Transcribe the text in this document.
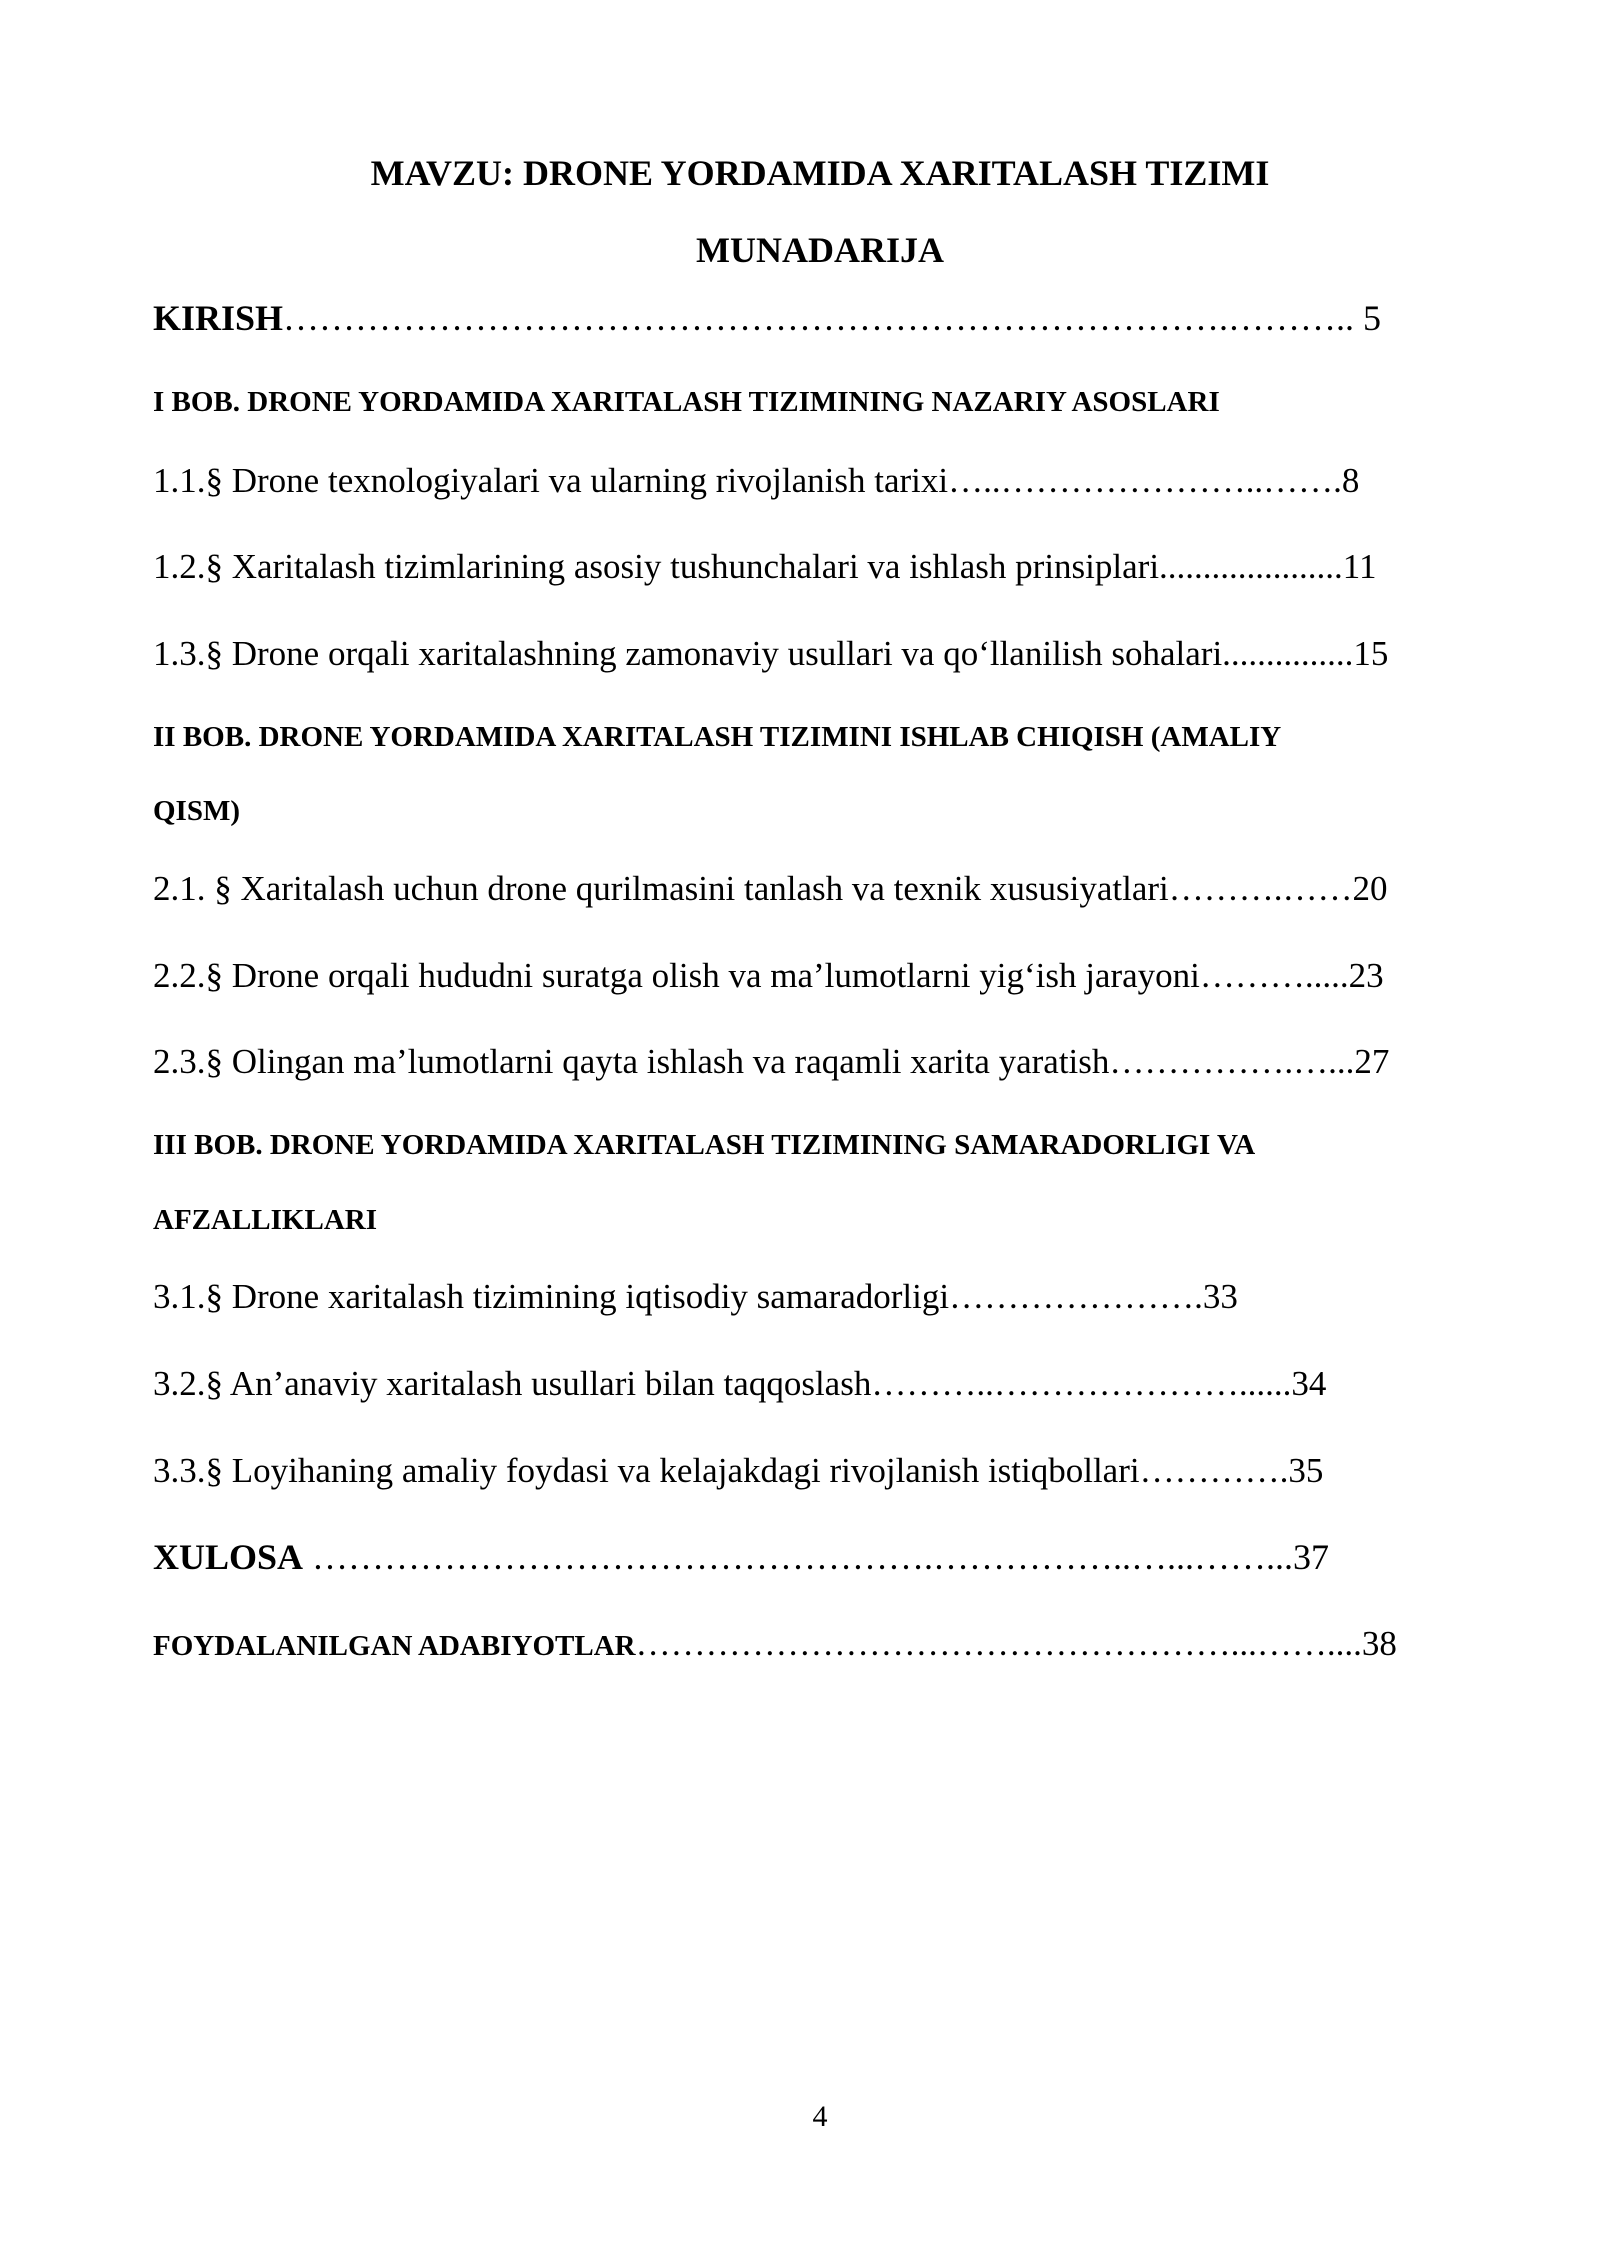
MAVZU: DRONE YORDAMIDA XARITALASH TIZIMI
MUNADARIJA
KIRISH…………………………………………………………………….……….. 5
I BOB. DRONE YORDAMIDA XARITALASH TIZIMINING NAZARIY ASOSLARI
1.1.§ Drone texnologiyalari va ularning rivojlanish tarixi…..…………………..…….8
1.2.§ Xaritalash tizimlarining asosiy tushunchalari va ishlash prinsiplari.....................11
1.3.§ Drone orqali xaritalashning zamonaviy usullari va qo‘llanilish sohalari...............15
II BOB. DRONE YORDAMIDA XARITALASH TIZIMINI ISHLAB CHIQISH (AMALIY
QISM)
2.1. § Xaritalash uchun drone qurilmasini tanlash va texnik xususiyatlari……….……20
2.2.§ Drone orqali hududni suratga olish va ma’lumotlarni yig‘ish jarayoni……….....23
2.3.§ Olingan ma’lumotlarni qayta ishlash va raqamli xarita yaratish…………….…...27
III BOB. DRONE YORDAMIDA XARITALASH TIZIMINING SAMARADORLIGI VA
AFZALLIKLARI
3.1.§ Drone xaritalash tizimining iqtisodiy samaradorligi………………….33
3.2.§ An’anaviy xaritalash usullari bilan taqqoslash………..…………………......34
3.3.§ Loyihaning amaliy foydasi va kelajakdagi rivojlanish istiqbollari………….35
XULOSA …………………………………………….……………..…...……...37
FOYDALANILGAN ADABIYOTLAR……………………………………………...……....38
4
